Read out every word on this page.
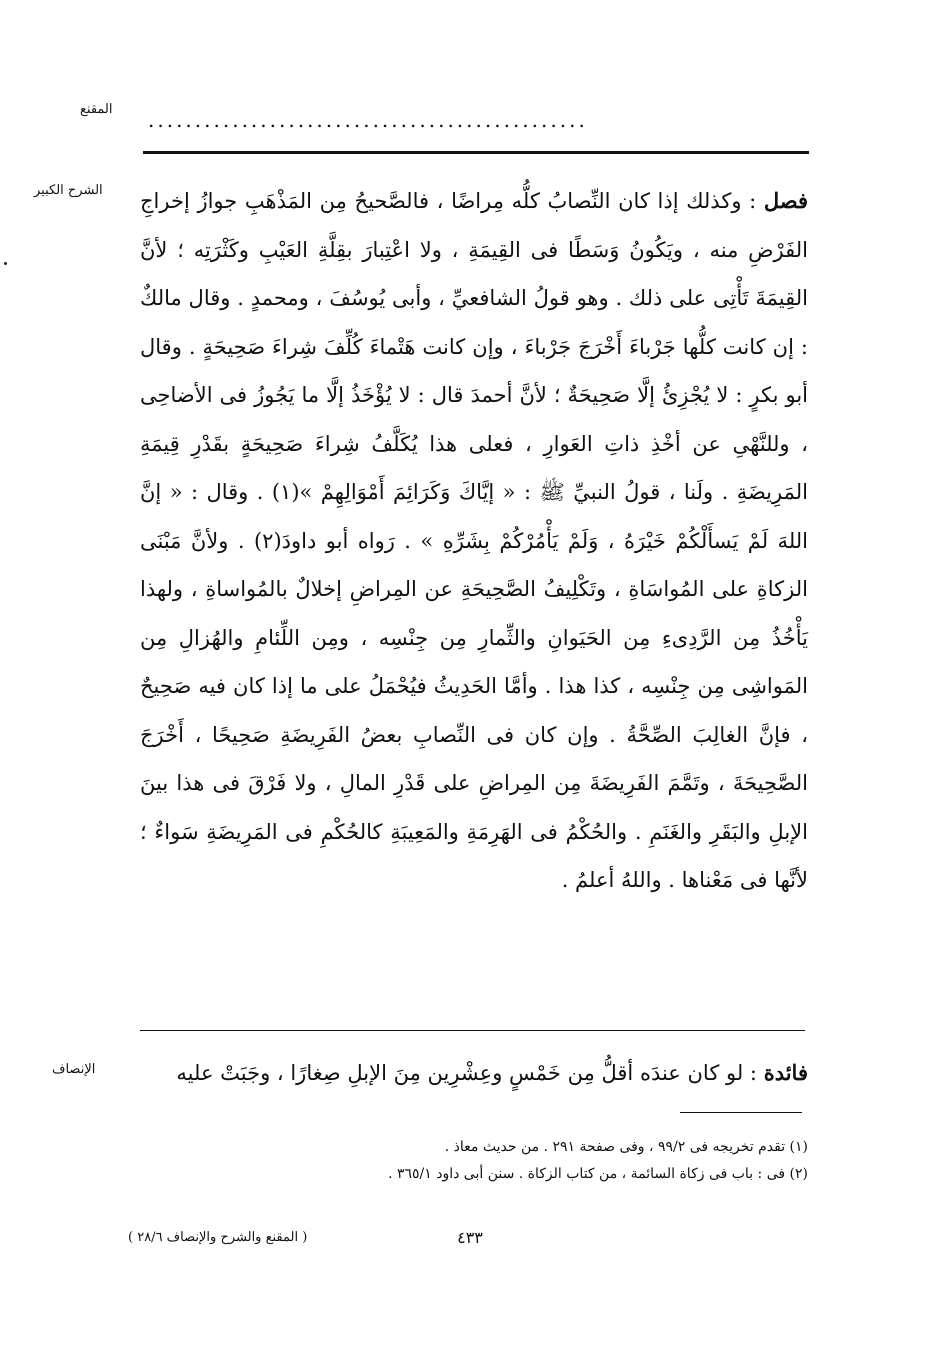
المقنع ...............................................
الشرح الكبير	فصل : وكذلك إذا كان النِّصابُ كلُّه مِراضًا ، فالصَّحيحُ مِن المَذْهَبِ جوازُ إخراجِ الفَرْضِ منه ، ويَكُونُ وَسَطًا فى القِيمَةِ ، ولا اعْتِبارَ بقِلَّةِ العَيْبِ وكَثْرَتِه ؛ لأنَّ القِيمَةَ تَأْتِى على ذلك . وهو قولُ الشافعيِّ ، وأبى يُوسُفَ ، ومحمدٍ . وقال مالكٌ : إن كانت كلُّها جَرْباءَ أَخْرَجَ جَرْباءَ ، وإن كانت هَتْماءَ كُلِّفَ شِراءَ صَحِيحَةٍ . وقال أبو بكرٍ : لا يُجْزِئُ إلَّا صَحِيحَةٌ ؛ لأنَّ أحمدَ قال : لا يُؤْخَذُ إلَّا ما يَجُوزُ فى الأضاحِى ، وللنَّهْىِ عن أخْذِ ذاتِ العَوارِ ، فعلى هذا يُكَلَّفُ شِراءَ صَحِيحَةٍ بقَدْرِ قِيمَةِ المَرِيضَةِ . ولَنا ، قولُ النبيِّ ﷺ : « إيَّاكَ وَكَرَائِمَ أَمْوَالِهِمْ »(١) . وقال : « إنَّ اللهَ لَمْ يَسأَلْكُمْ خَيْرَهُ ، وَلَمْ يَأْمُرْكُمْ بِشَرِّهِ » . رَواه أبو داودَ(٢) . ولأنَّ مَبْنَى الزكاةِ على المُواسَاةِ ، وتَكْلِيفُ الصَّحِيحَةِ عن المِراضِ إخلالٌ بالمُواساةِ ، ولهذا يَأْخُذُ مِن الرَّدِىءِ مِن الحَيَوانِ والثِّمارِ مِن جِنْسِه ، ومِن اللِّئامِ والهُزالِ مِن المَواشِى مِن جِنْسِه ، كذا هذا . وأمَّا الحَدِيثُ فيُحْمَلُ على ما إذا كان فيه صَحِيحٌ ، فإنَّ الغالِبَ الصِّحَّةُ . وإن كان فى النِّصابِ بعضُ الفَرِيضَةِ صَحِيحًا ، أَخْرَجَ الصَّحِيحَةَ ، وتَمَّمَ الفَرِيضَةَ مِن المِراضِ على قَدْرِ المالِ ، ولا فَرْقَ فى هذا بينَ الإبلِ والبَقَرِ والغَنَمِ . والحُكْمُ فى الهَرِمَةِ والمَعِيبَةِ كالحُكْمِ فى المَرِيضَةِ سَواءٌ ؛ لأنَّها فى مَعْناها . واللهُ أعلمُ .

الإنصاف	فائدة : لو كان عندَه أقلُّ مِن خَمْسٍ وعِشْرِين مِنَ الإبلِ صِغارًا ، وجَبَتْ عليه
(١) تقدم تخريجه فى ٩٩/٢ ، وفى صفحة ٢٩١ . من حديث معاذ .
(٢) فى : باب فى زكاة السائمة ، من كتاب الزكاة . سنن أبى داود ٣٦٥/١ .
٤٣٣
( المقنع والشرح والإنصاف ٢٨/٦ )
